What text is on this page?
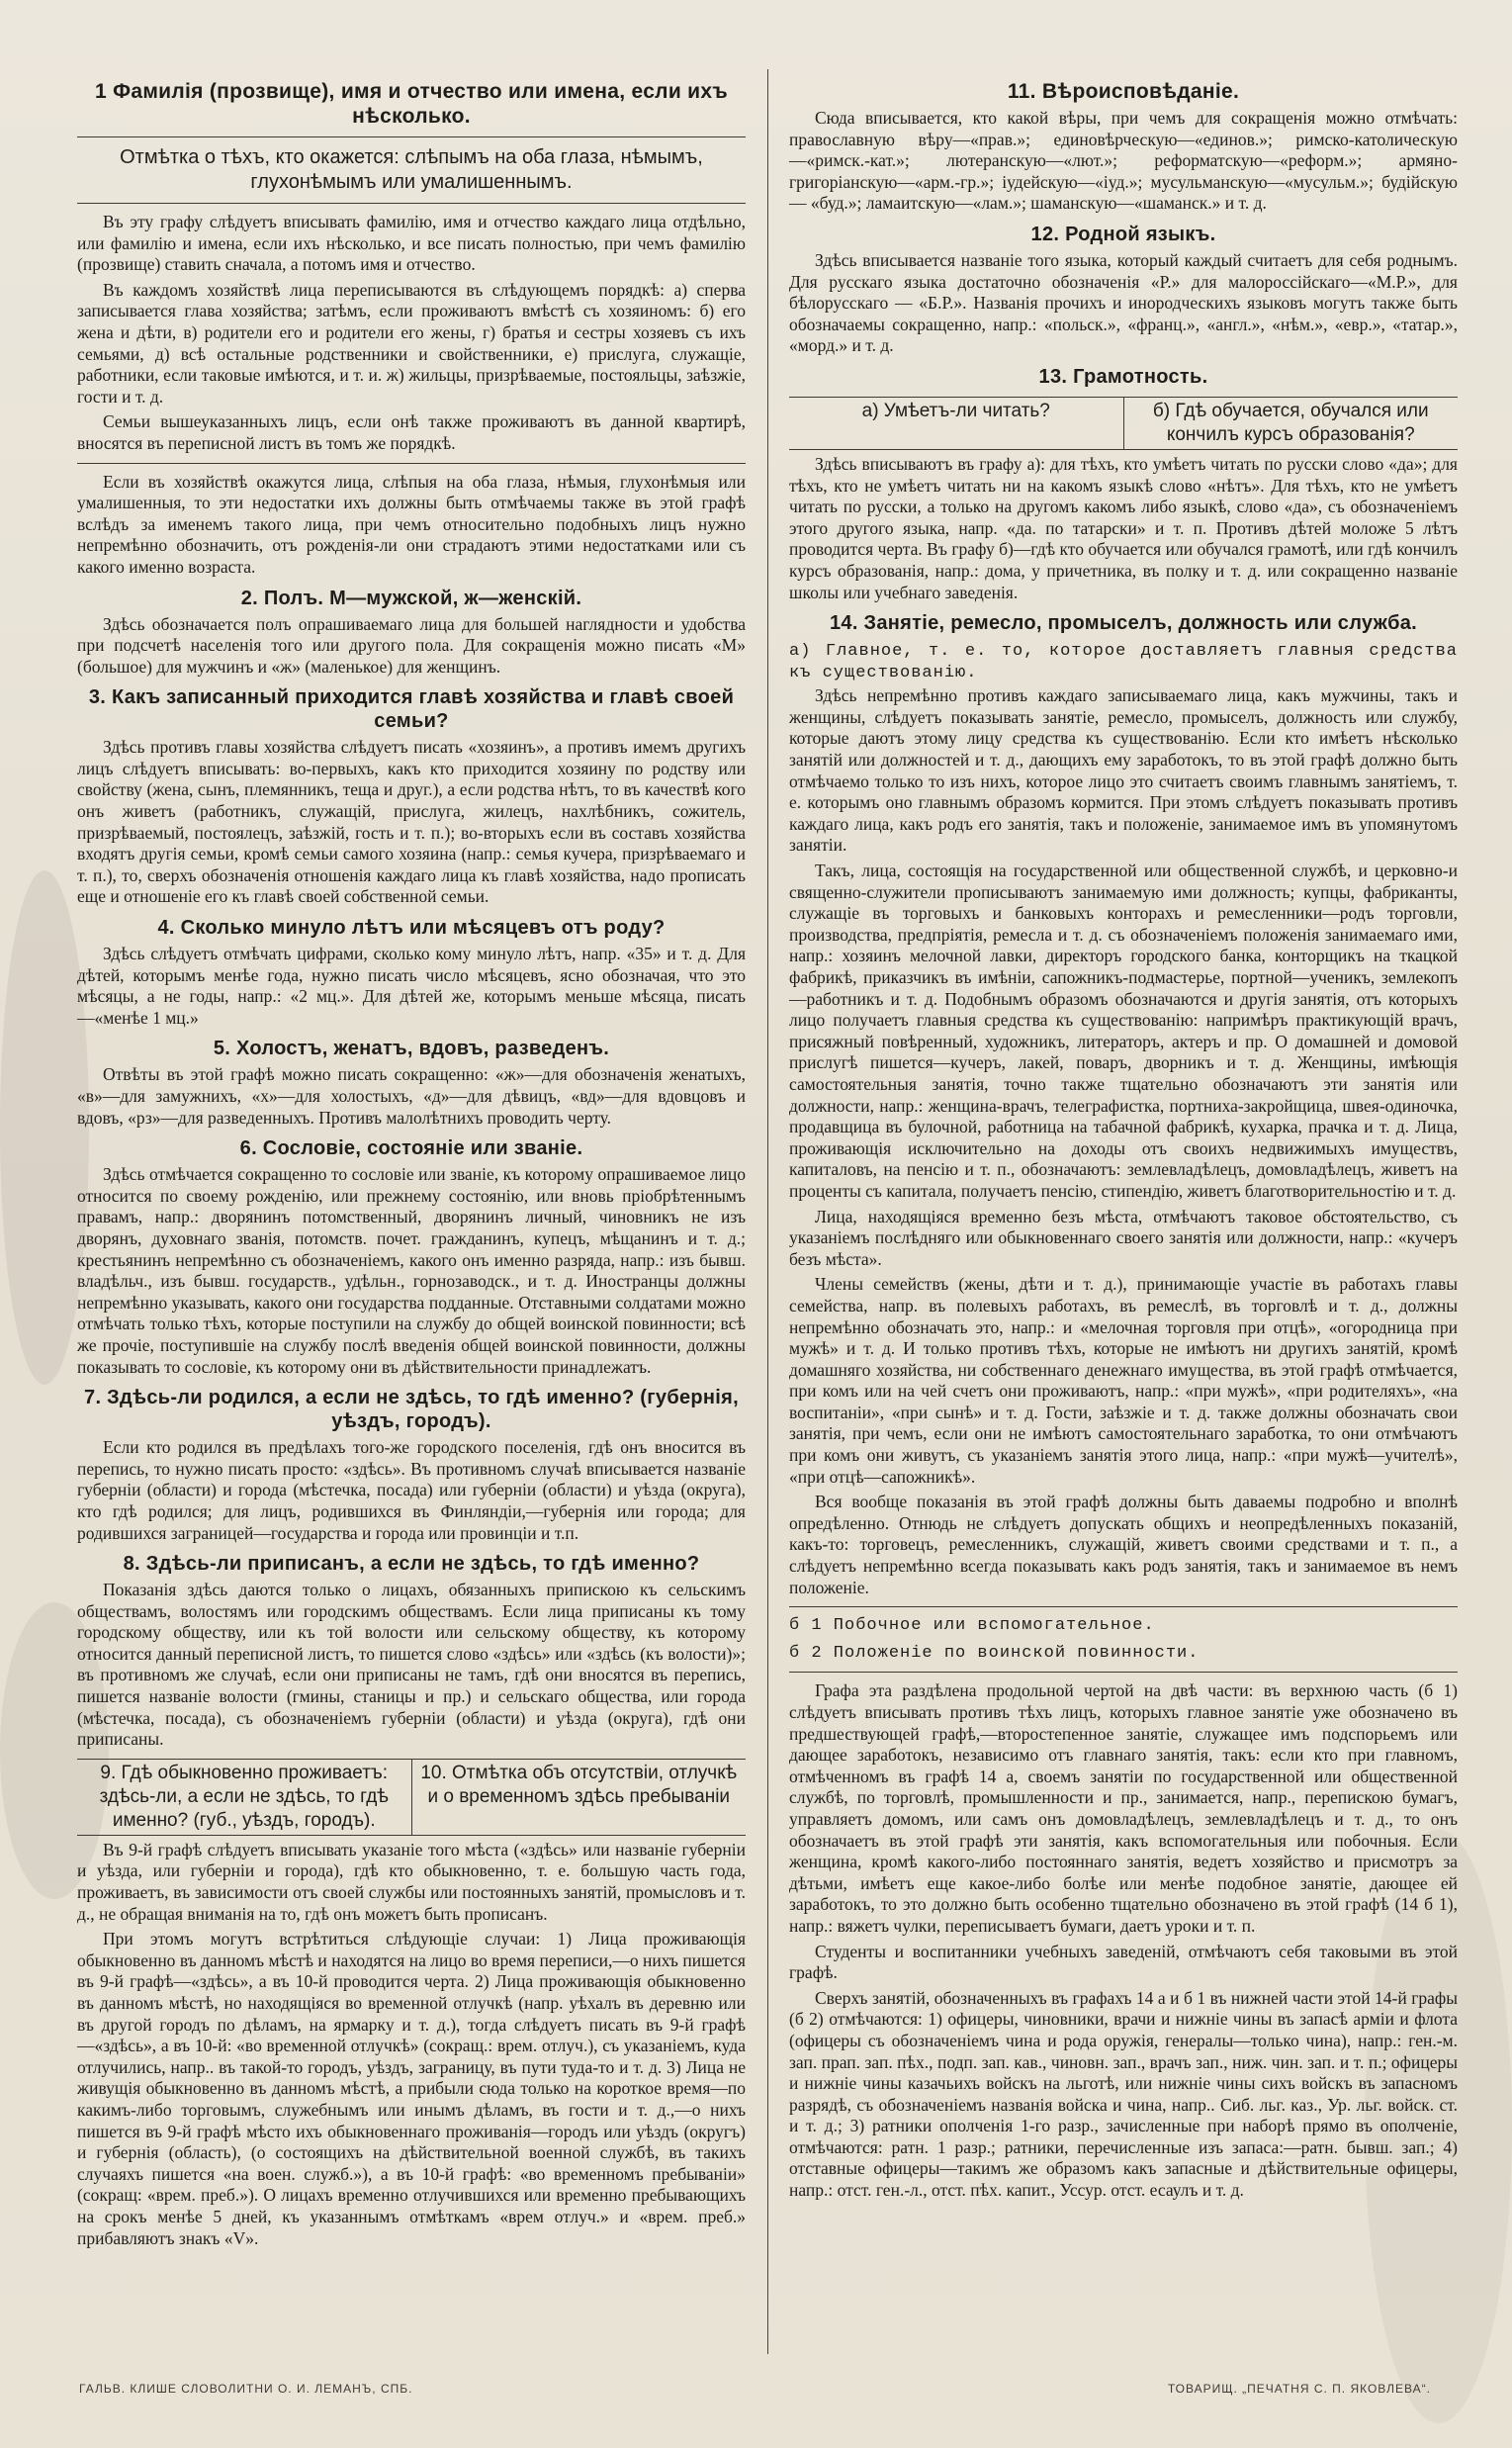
1 Фамилія (прозвище), имя и отчество или имена, если ихъ нѣсколько.
Отмѣтка о тѣхъ, кто окажется: слѣпымъ на оба глаза, нѣмымъ, глухонѣмымъ или умалишеннымъ.

Въ эту графу слѣдуетъ вписывать фамилію, имя и отчество каждаго лица отдѣльно, или фамилію и имена, если ихъ нѣсколько, и все писать полностью, при чемъ фамилію (прозвище) ставить сначала, а потомъ имя и отчество.

Въ каждомъ хозяйствѣ лица переписываются въ слѣдующемъ порядкѣ: а) сперва записывается глава хозяйства; затѣмъ, если проживаютъ вмѣстѣ съ хозяиномъ: б) его жена и дѣти, в) родители его и родители его жены, г) братья и сестры хозяевъ съ ихъ семьями, д) всѣ остальные родственники и свойственники, е) прислуга, служащіе, работники, если таковые имѣются, и т. и. ж) жильцы, призрѣваемые, постояльцы, заѣзжіе, гости и т. д.

Семьи вышеуказанныхъ лицъ, если онѣ также проживаютъ въ данной квартирѣ, вносятся въ переписной листъ въ томъ же порядкѣ.

Если въ хозяйствѣ окажутся лица, слѣпыя на оба глаза, нѣмыя, глухонѣмыя или умалишенныя, то эти недостатки ихъ должны быть отмѣчаемы также въ этой графѣ вслѣдъ за именемъ такого лица, при чемъ относительно подобныхъ лицъ нужно непремѣнно обозначить, отъ рожденія-ли они страдаютъ этими недостатками или съ какого именно возраста.

2. Полъ. М—мужской, ж—женскій.

Здѣсь обозначается полъ опрашиваемаго лица для большей наглядности и удобства при подсчетѣ населенія того или другого пола. Для сокращенія можно писать «М» (большое) для мужчинъ и «ж» (маленькое) для женщинъ.

3. Какъ записанный приходится главѣ хозяйства и главѣ своей семьи?

Здѣсь противъ главы хозяйства слѣдуетъ писать «хозяинъ», а противъ имемъ другихъ лицъ слѣдуетъ вписывать: во-первыхъ, какъ кто приходится хозяину по родству или свойству (жена, сынъ, племянникъ, теща и друг.), а если родства нѣтъ, то въ качествѣ кого онъ живетъ (работникъ, служащій, прислуга, жилецъ, нахлѣбникъ, сожитель, призрѣваемый, постоялецъ, заѣзжій, гость и т. п.); во-вторыхъ если въ составъ хозяйства входятъ другія семьи, кромѣ семьи самого хозяина (напр.: семья кучера, призрѣваемаго и т. п.), то, сверхъ обозначенія отношенія каждаго лица къ главѣ хозяйства, надо прописать еще и отношеніе его къ главѣ своей собственной семьи.

4. Сколько минуло лѣтъ или мѣсяцевъ отъ роду?

Здѣсь слѣдуетъ отмѣчать цифрами, сколько кому минуло лѣтъ, напр. «35» и т. д. Для дѣтей, которымъ менѣе года, нужно писать число мѣсяцевъ, ясно обозначая, что это мѣсяцы, а не годы, напр.: «2 мц.». Для дѣтей же, которымъ меньше мѣсяца, писать—«менѣе 1 мц.»

5. Холостъ, женатъ, вдовъ, разведенъ.

Отвѣты въ этой графѣ можно писать сокращенно: «ж»—для обозначенія женатыхъ, «в»—для замужнихъ, «х»—для холостыхъ, «д»—для дѣвицъ, «вд»—для вдовцовъ и вдовъ, «рз»—для разведенныхъ. Противъ малолѣтнихъ проводить черту.

6. Сословіе, состояніе или званіе.

Здѣсь отмѣчается сокращенно то сословіе или званіе, къ которому опрашиваемое лицо относится по своему рожденію, или прежнему состоянію, или вновь пріобрѣтеннымъ правамъ, напр.: дворянинъ потомственный, дворянинъ личный, чиновникъ не изъ дворянъ, духовнаго званія, потомств. почет. гражданинъ, купецъ, мѣщанинъ и т. д.; крестьянинъ непремѣнно съ обозначеніемъ, какого онъ именно разряда, напр.: изъ бывш. владѣльч., изъ бывш. государств., удѣльн., горнозаводск., и т. д. Иностранцы должны непремѣнно указывать, какого они государства подданные. Отставными солдатами можно отмѣчать только тѣхъ, которые поступили на службу до общей воинской повинности; всѣ же прочіе, поступившіе на службу послѣ введенія общей воинской повинности, должны показывать то сословіе, къ которому они въ дѣйствительности принадлежатъ.

7. Здѣсь-ли родился, а если не здѣсь, то гдѣ именно? (губернія, уѣздъ, городъ).

Если кто родился въ предѣлахъ того-же городского поселенія, гдѣ онъ вносится въ перепись, то нужно писать просто: «здѣсь». Въ противномъ случаѣ вписывается названіе губерніи (области) и города (мѣстечка, посада) или губерніи (области) и уѣзда (округа), кто гдѣ родился; для лицъ, родившихся въ Финляндіи,—губернія или города; для родившихся заграницей—государства и города или провинціи и т.п.

8. Здѣсь-ли приписанъ, а если не здѣсь, то гдѣ именно?

Показанія здѣсь даются только о лицахъ, обязанныхъ припискою къ сельскимъ обществамъ, волостямъ или городскимъ обществамъ. Если лица приписаны къ тому городскому обществу, или къ той волости или сельскому обществу, къ которому относится данный переписной листъ, то пишется слово «здѣсь» или «здѣсь (къ волости)»; въ противномъ же случаѣ, если они приписаны не тамъ, гдѣ они вносятся въ перепись, пишется названіе волости (гмины, станицы и пр.) и сельскаго общества, или города (мѣстечка, посада), съ обозначеніемъ губерніи (области) и уѣзда (округа), гдѣ они приписаны.

9. Гдѣ обыкновенно проживаетъ: здѣсь-ли, а если не здѣсь, то гдѣ именно? (губ., уѣздъ, городъ).
10. Отмѣтка объ отсутствіи, отлучкѣ и о временномъ здѣсь пребываніи

Въ 9-й графѣ слѣдуетъ вписывать указаніе того мѣста («здѣсь» или названіе губерніи и уѣзда, или губерніи и города), гдѣ кто обыкновенно, т. е. большую часть года, проживаетъ, въ зависимости отъ своей службы или постоянныхъ занятій, промысловъ и т. д., не обращая вниманія на то, гдѣ онъ можетъ быть прописанъ.

При этомъ могутъ встрѣтиться слѣдующіе случаи: 1) Лица проживающія обыкновенно въ данномъ мѣстѣ и находятся на лицо во время переписи,—о нихъ пишется въ 9-й графѣ—«здѣсь», а въ 10-й проводится черта. 2) Лица проживающія обыкновенно въ данномъ мѣстѣ, но находящіяся во временной отлучкѣ (напр. уѣхалъ въ деревню или въ другой городъ по дѣламъ, на ярмарку и т. д.), тогда слѣдуетъ писать въ 9-й графѣ—«здѣсь», а въ 10-й: «во временной отлучкѣ» (сокращ.: врем. отлуч.), съ указаніемъ, куда отлучились, напр.. въ такой-то городъ, уѣздъ, заграницу, въ пути туда-то и т. д. 3) Лица не живущія обыкновенно въ данномъ мѣстѣ, а прибыли сюда только на короткое время—по какимъ-либо торговымъ, служебнымъ или инымъ дѣламъ, въ гости и т. д.,—о нихъ пишется въ 9-й графѣ мѣсто ихъ обыкновеннаго проживанія—городъ или уѣздъ (округъ) и губернія (область), (о состоящихъ на дѣйствительной военной службѣ, въ такихъ случаяхъ пишется «на воен. служб.»), а въ 10-й графѣ: «во временномъ пребываніи» (сокращ: «врем. преб.»). О лицахъ временно отлучившихся или временно пребывающихъ на срокъ менѣе 5 дней, къ указаннымъ отмѣткамъ «врем отлуч.» и «врем. преб.» прибавляютъ знакъ «V».

11. Вѣроисповѣданіе.

Сюда вписывается, кто какой вѣры, при чемъ для сокращенія можно отмѣчать: православную вѣру—«прав.»; единовѣрческую—«единов.»; римско-католическую—«римск.-кат.»; лютеранскую—«лют.»; реформатскую—«реформ.»; армяно-григоріанскую—«арм.-гр.»; іудейскую—«іуд.»; мусульманскую—«мусульм.»; будійскую — «буд.»; ламаитскую—«лам.»; шаманскую—«шаманск.» и т. д.

12. Родной языкъ.

Здѣсь вписывается названіе того языка, который каждый считаетъ для себя роднымъ. Для русскаго языка достаточно обозначенія «Р.» для малороссійскаго—«М.Р.», для бѣлорусскаго — «Б.Р.». Названія прочихъ и инородческихъ языковъ могутъ также быть обозначаемы сокращенно, напр.: «польск.», «франц.», «англ.», «нѣм.», «евр.», «татар.», «морд.» и т. д.

13. Грамотность.
а) Умѣетъ-ли читать?	б) Гдѣ обучается, обучался или кончилъ курсъ образованія?

Здѣсь вписываютъ въ графу а): для тѣхъ, кто умѣетъ читать по русски слово «да»; для тѣхъ, кто не умѣетъ читать ни на какомъ языкѣ слово «нѣтъ». Для тѣхъ, кто не умѣетъ читать по русски, а только на другомъ какомъ либо языкѣ, слово «да», съ обозначеніемъ этого другого языка, напр. «да. по татарски» и т. п. Противъ дѣтей моложе 5 лѣтъ проводится черта. Въ графу б)—гдѣ кто обучается или обучался грамотѣ, или гдѣ кончилъ курсъ образованія, напр.: дома, у причетника, въ полку и т. д. или сокращенно названіе школы или учебнаго заведенія.

14. Занятіе, ремесло, промыселъ, должность или служба.

а) Главное, т. е. то, которое доставляетъ главныя средства къ существованію.

Здѣсь непремѣнно противъ каждаго записываемаго лица, какъ мужчины, такъ и женщины, слѣдуетъ показывать занятіе, ремесло, промыселъ, должность или службу, которые даютъ этому лицу средства къ существованію. Если кто имѣетъ нѣсколько занятій или должностей и т. д., дающихъ ему заработокъ, то въ этой графѣ должно быть отмѣчаемо только то изъ нихъ, которое лицо это считаетъ своимъ главнымъ занятіемъ, т. е. которымъ оно главнымъ образомъ кормится. При этомъ слѣдуетъ показывать противъ каждаго лица, какъ родъ его занятія, такъ и положеніе, занимаемое имъ въ упомянутомъ занятіи.

Такъ, лица, состоящія на государственной или общественной службѣ, и церковно-и священно-служители прописываютъ занимаемую ими должность; купцы, фабриканты, служащіе въ торговыхъ и банковыхъ конторахъ и ремесленники—родъ торговли, производства, предпріятія, ремесла и т. д. съ обозначеніемъ положенія занимаемаго ими, напр.: хозяинъ мелочной лавки, директоръ городского банка, конторщикъ на ткацкой фабрикѣ, приказчикъ въ имѣніи, сапожникъ-подмастерье, портной—ученикъ, землекопъ—работникъ и т. д. Подобнымъ образомъ обозначаются и другія занятія, отъ которыхъ лицо получаетъ главныя средства къ существованію: напримѣръ практикующій врачъ, присяжный повѣренный, художникъ, литераторъ, актеръ и пр. О домашней и домовой прислугѣ пишется—кучеръ, лакей, поваръ, дворникъ и т. д. Женщины, имѣющія самостоятельныя занятія, точно также тщательно обозначаютъ эти занятія или должности, напр.: женщина-врачъ, телеграфистка, портниха-закройщица, швея-одиночка, продавщица въ булочной, работница на табачной фабрикѣ, кухарка, прачка и т. д. Лица, проживающія исключительно на доходы отъ своихъ недвижимыхъ имуществъ, капиталовъ, на пенсію и т. п., обозначаютъ: землевладѣлецъ, домовладѣлецъ, живетъ на проценты съ капитала, получаетъ пенсію, стипендію, живетъ благотворительностію и т. д.

Лица, находящіяся временно безъ мѣста, отмѣчаютъ таковое обстоятельство, съ указаніемъ послѣдняго или обыкновеннаго своего занятія или должности, напр.: «кучеръ безъ мѣста».

Члены семействъ (жены, дѣти и т. д.), принимающіе участіе въ работахъ главы семейства, напр. въ полевыхъ работахъ, въ ремеслѣ, въ торговлѣ и т. д., должны непремѣнно обозначать это, напр.: и «мелочная торговля при отцѣ», «огородница при мужѣ» и т. д. И только противъ тѣхъ, которые не имѣютъ ни другихъ занятій, кромѣ домашняго хозяйства, ни собственнаго денежнаго имущества, въ этой графѣ отмѣчается, при комъ или на чей счетъ они проживаютъ, напр.: «при мужѣ», «при родителяхъ», «на воспитаніи», «при сынѣ» и т. д. Гости, заѣзжіе и т. д. также должны обозначать свои занятія, при чемъ, если они не имѣютъ самостоятельнаго заработка, то они отмѣчаютъ при комъ они живутъ, съ указаніемъ занятія этого лица, напр.: «при мужѣ—учителѣ», «при отцѣ—сапожникѣ».

Вся вообще показанія въ этой графѣ должны быть даваемы подробно и вполнѣ опредѣленно. Отнюдь не слѣдуетъ допускать общихъ и неопредѣленныхъ показаній, какъ-то: торговецъ, ремесленникъ, служащій, живетъ своими средствами и т. п., а слѣдуетъ непремѣнно всегда показывать какъ родъ занятія, такъ и занимаемое въ немъ положеніе.

б 1 Побочное или вспомогательное.

б 2 Положеніе по воинской повинности.

Графа эта раздѣлена продольной чертой на двѣ части: въ верхнюю часть (б 1) слѣдуетъ вписывать противъ тѣхъ лицъ, которыхъ главное занятіе уже обозначено въ предшествующей графѣ,—второстепенное занятіе, служащее имъ подспорьемъ или дающее заработокъ, независимо отъ главнаго занятія, такъ: если кто при главномъ, отмѣченномъ въ графѣ 14 а, своемъ занятіи по государственной или общественной службѣ, по торговлѣ, промышленности и пр., занимается, напр., перепискою бумагъ, управляетъ домомъ, или самъ онъ домовладѣлецъ, землевладѣлецъ и т. д., то онъ обозначаетъ въ этой графѣ эти занятія, какъ вспомогательныя или побочныя. Если женщина, кромѣ какого-либо постояннаго занятія, ведетъ хозяйство и присмотръ за дѣтьми, имѣетъ еще какое-либо болѣе или менѣе подобное занятіе, дающее ей заработокъ, то это должно быть особенно тщательно обозначено въ этой графѣ (14 б 1), напр.: вяжетъ чулки, переписываетъ бумаги, даетъ уроки и т. п.

Студенты и воспитанники учебныхъ заведеній, отмѣчаютъ себя таковыми въ этой графѣ.

Сверхъ занятій, обозначенныхъ въ графахъ 14 а и б 1 въ нижней части этой 14-й графы (б 2) отмѣчаются: 1) офицеры, чиновники, врачи и нижніе чины въ запасѣ арміи и флота (офицеры съ обозначеніемъ чина и рода оружія, генералы—только чина), напр.: ген.-м. зап. прап. зап. пѣх., подп. зап. кав., чиновн. зап., врачъ зап., ниж. чин. зап. и т. п.; офицеры и нижніе чины казачьихъ войскъ на льготѣ, или нижніе чины сихъ войскъ въ запасномъ разрядѣ, съ обозначеніемъ названія войска и чина, напр.. Сиб. льг. каз., Ур. льг. войск. ст. и т. д.; 3) ратники ополченія 1-го разр., зачисленные при наборѣ прямо въ ополченіе, отмѣчаются: ратн. 1 разр.; ратники, перечисленные изъ запаса:—ратн. бывш. зап.; 4) отставные офицеры—такимъ же образомъ какъ запасные и дѣйствительные офицеры, напр.: отст. ген.-л., отст. пѣх. капит., Уссур. отст. есаулъ и т. д.

ГАЛЬВ. КЛИШЕ СЛОВОЛИТНИ О. И. ЛЕМАНЪ, СПБ.	ТОВАРИЩ. „ПЕЧАТНЯ С. П. ЯКОВЛЕВА“.
